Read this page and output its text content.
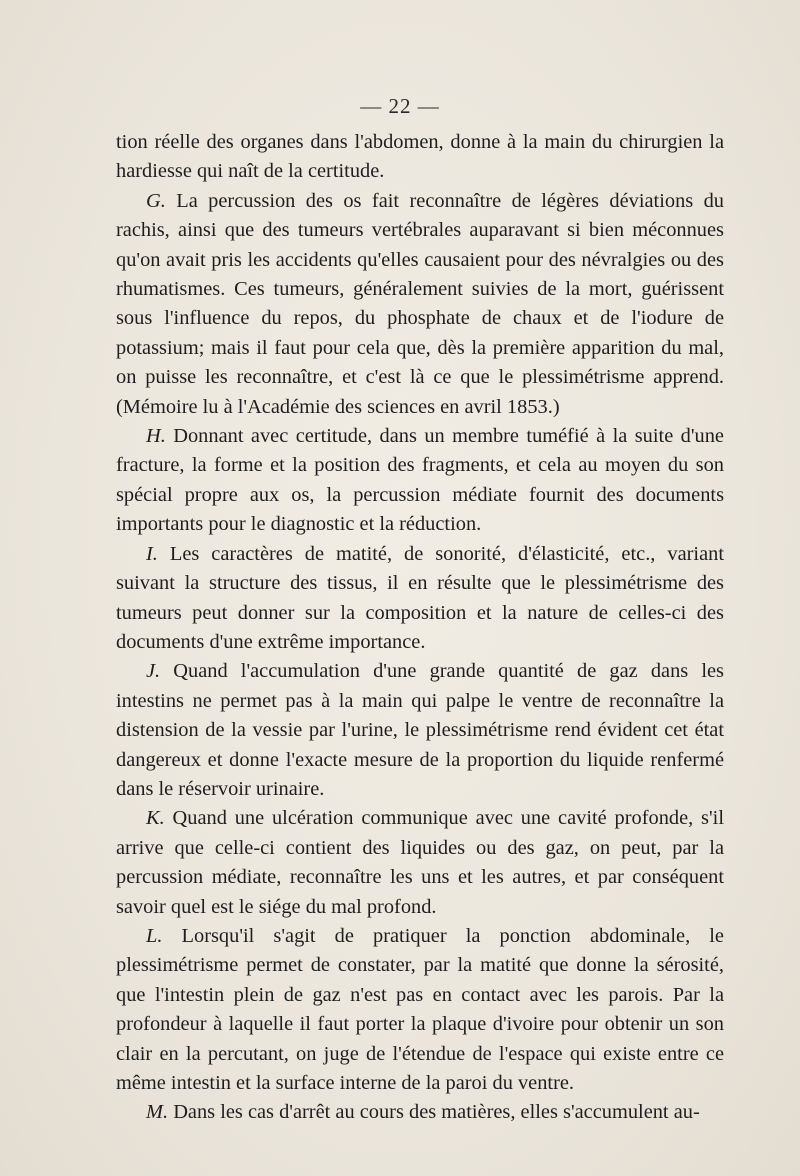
— 22 —

tion réelle des organes dans l'abdomen, donne à la main du chirurgien la hardiesse qui naît de la certitude.

G. La percussion des os fait reconnaître de légères déviations du rachis, ainsi que des tumeurs vertébrales auparavant si bien méconnues qu'on avait pris les accidents qu'elles causaient pour des névralgies ou des rhumatismes. Ces tumeurs, généralement suivies de la mort, guérissent sous l'influence du repos, du phosphate de chaux et de l'iodure de potassium; mais il faut pour cela que, dès la première apparition du mal, on puisse les reconnaître, et c'est là ce que le plessimétrisme apprend. (Mémoire lu à l'Académie des sciences en avril 1853.)

H. Donnant avec certitude, dans un membre tuméfié à la suite d'une fracture, la forme et la position des fragments, et cela au moyen du son spécial propre aux os, la percussion médiate fournit des documents importants pour le diagnostic et la réduction.

I. Les caractères de matité, de sonorité, d'élasticité, etc., variant suivant la structure des tissus, il en résulte que le plessimétrisme des tumeurs peut donner sur la composition et la nature de celles-ci des documents d'une extrême importance.

J. Quand l'accumulation d'une grande quantité de gaz dans les intestins ne permet pas à la main qui palpe le ventre de reconnaître la distension de la vessie par l'urine, le plessimétrisme rend évident cet état dangereux et donne l'exacte mesure de la proportion du liquide renfermé dans le réservoir urinaire.

K. Quand une ulcération communique avec une cavité profonde, s'il arrive que celle-ci contient des liquides ou des gaz, on peut, par la percussion médiate, reconnaître les uns et les autres, et par conséquent savoir quel est le siége du mal profond.

L. Lorsqu'il s'agit de pratiquer la ponction abdominale, le plessimétrisme permet de constater, par la matité que donne la sérosité, que l'intestin plein de gaz n'est pas en contact avec les parois. Par la profondeur à laquelle il faut porter la plaque d'ivoire pour obtenir un son clair en la percutant, on juge de l'étendue de l'espace qui existe entre ce même intestin et la surface interne de la paroi du ventre.

M. Dans les cas d'arrêt au cours des matières, elles s'accumulent au-
